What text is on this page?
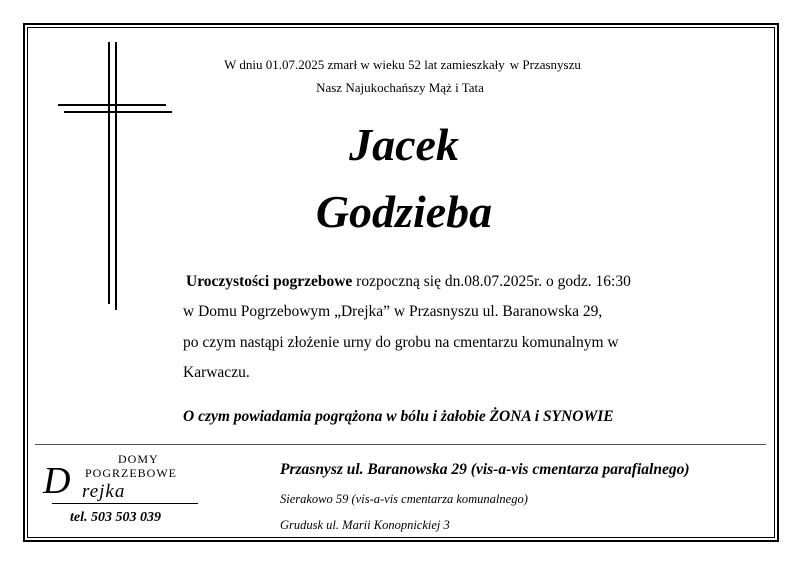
W dniu 01.07.2025 zmarł w wieku 52 lat zamieszkały w Przasnyszu
Nasz Najukochańszy Mąż i Tata
Jacek
Godzieba
Uroczystości pogrzebowe rozpoczną się dn.08.07.2025r. o godz. 16:30
w Domu Pogrzebowym „Drejka” w Przasnyszu ul. Baranowska 29,
po czym nastąpi złożenie urny do grobu na cmentarzu komunalnym w
Karwaczu.
O czym powiadamia pogrążona w bólu i żałobie ŻONA i SYNOWIE
DOMY
POGRZEBOWE
D rejka
tel. 503 503 039
Przasnysz ul. Baranowska 29 (vis-a-vis cmentarza parafialnego)
Sierakowo 59 (vis-a-vis cmentarza komunalnego)
Grudusk ul. Marii Konopnickiej 3
